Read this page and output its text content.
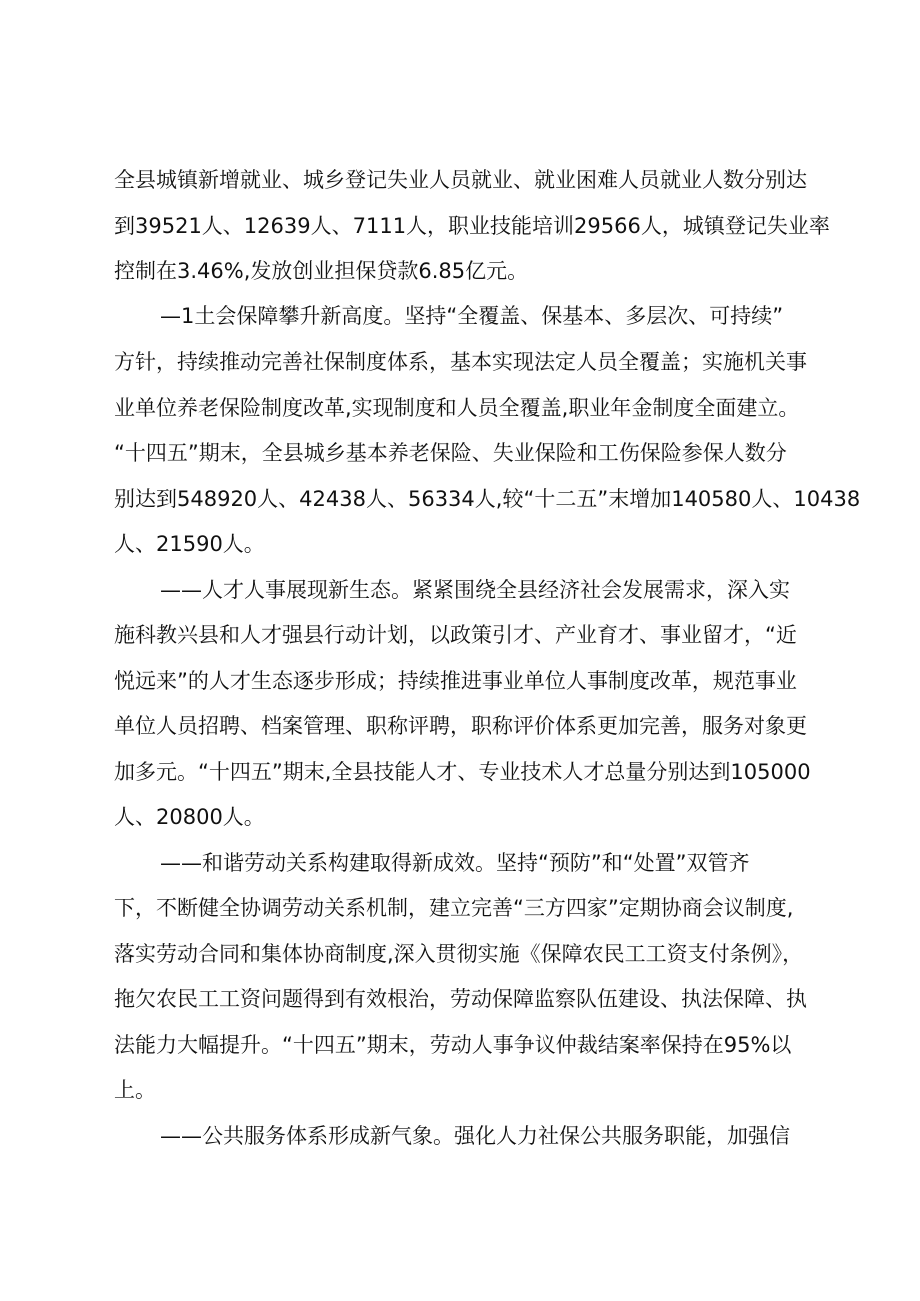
全县城镇新增就业、城乡登记失业人员就业、就业困难人员就业人数分别达
到39521人、12639人、7111人，职业技能培训29566人，城镇登记失业率
控制在3.46%,发放创业担保贷款6.85亿元。
—1土会保障攀升新高度。坚持“全覆盖、保基本、多层次、可持续”
方针，持续推动完善社保制度体系，基本实现法定人员全覆盖；实施机关事
业单位养老保险制度改革,实现制度和人员全覆盖,职业年金制度全面建立。
“十四五”期末，全县城乡基本养老保险、失业保险和工伤保险参保人数分
别达到548920人、42438人、56334人,较“十二五”末增加140580人、10438
人、21590人。
——人才人事展现新生态。紧紧围绕全县经济社会发展需求，深入实
施科教兴县和人才强县行动计划，以政策引才、产业育才、事业留才，“近
悦远来”的人才生态逐步形成；持续推进事业单位人事制度改革，规范事业
单位人员招聘、档案管理、职称评聘，职称评价体系更加完善，服务对象更
加多元。“十四五”期末,全县技能人才、专业技术人才总量分别达到105000
人、20800人。
——和谐劳动关系构建取得新成效。坚持“预防”和“处置”双管齐
下，不断健全协调劳动关系机制，建立完善“三方四家”定期协商会议制度,
落实劳动合同和集体协商制度,深入贯彻实施《保障农民工工资支付条例》，
拖欠农民工工资问题得到有效根治，劳动保障监察队伍建设、执法保障、执
法能力大幅提升。“十四五”期末，劳动人事争议仲裁结案率保持在95%以
上。
——公共服务体系形成新气象。强化人力社保公共服务职能，加强信
